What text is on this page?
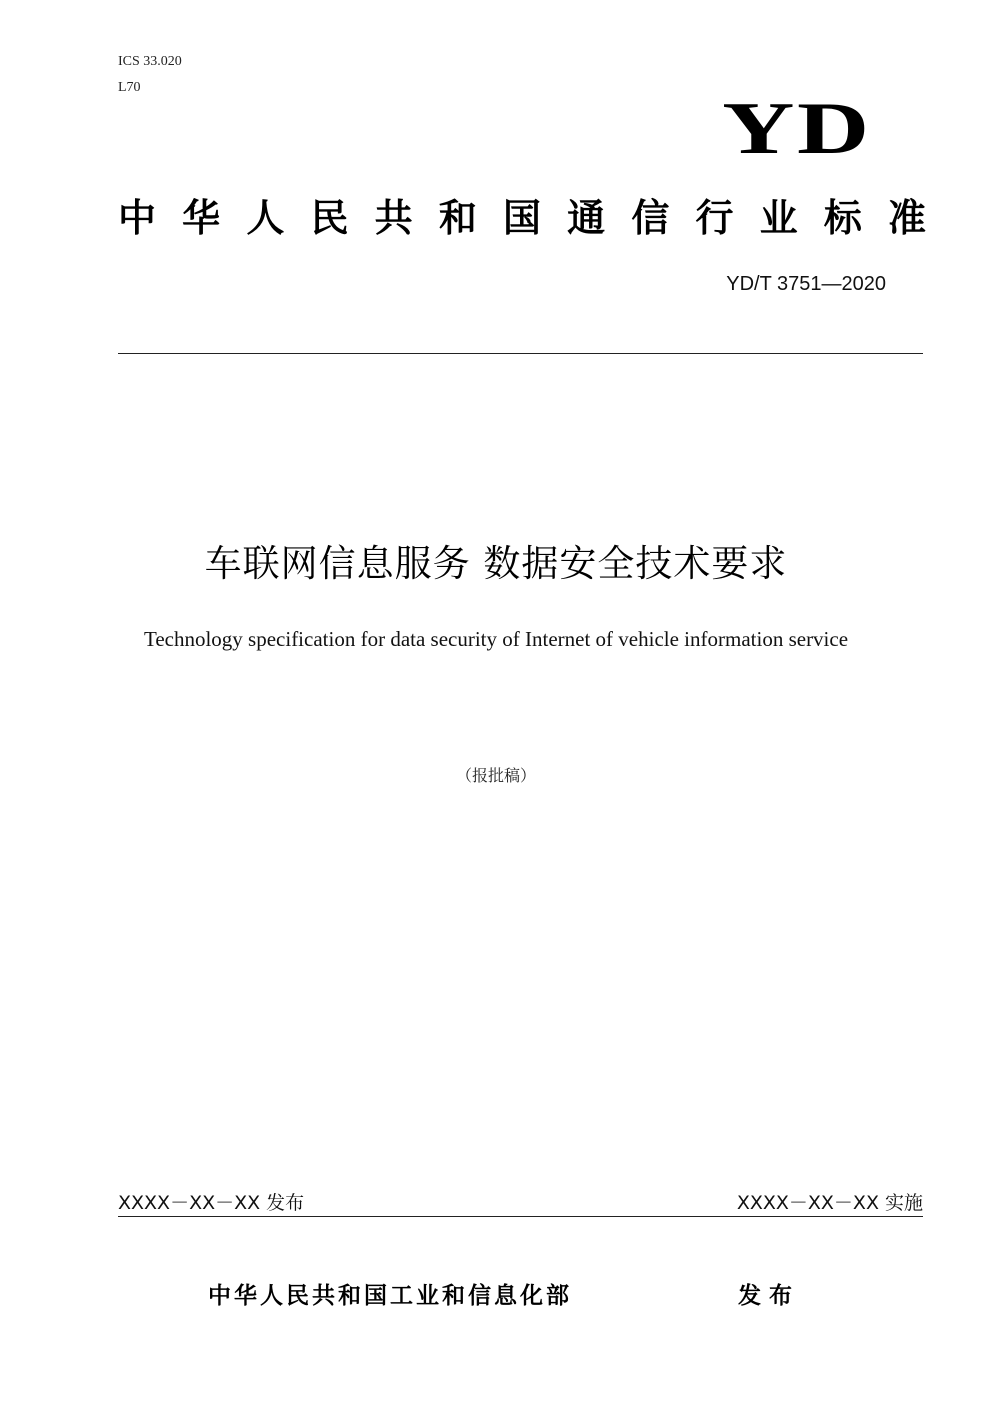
ICS 33.020
L70
YD
中华人民共和国通信行业标准
YD/T 3751—2020
车联网信息服务 数据安全技术要求
Technology specification for data security of Internet of vehicle information service
（报批稿）
XXXX－XX－XX 发布	XXXX－XX－XX 实施
中华人民共和国工业和信息化部	发布
